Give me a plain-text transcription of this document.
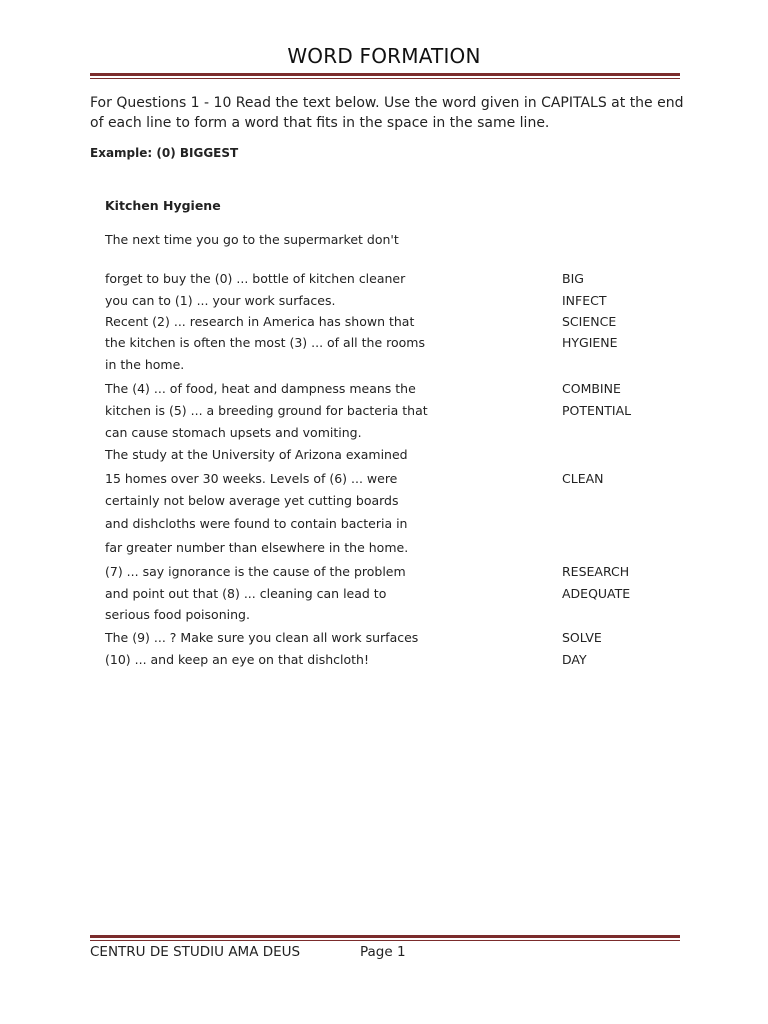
WORD FORMATION
For Questions 1 - 10 Read the text below. Use the word given in CAPITALS at the end of each line to form a word that fits in the space in the same line.
Example: (0) BIGGEST
Kitchen Hygiene
The next time you go to the supermarket don't
forget to buy the (0) ... bottle of kitchen cleaner	BIG
you can to (1) ... your work surfaces.	INFECT
Recent (2) ... research in America has shown that	SCIENCE
the kitchen is often the most (3) ... of all the rooms	HYGIENE
in the home.
The (4) ... of food, heat and dampness means the	COMBINE
kitchen is (5) ... a breeding ground for bacteria that	POTENTIAL
can cause stomach upsets and vomiting.
The study at the University of Arizona examined
15 homes over 30 weeks. Levels of (6) ... were	CLEAN
certainly not below average yet cutting boards
and dishcloths were found to contain bacteria in
far greater number than elsewhere in the home.
(7) ... say ignorance is the cause of the problem	RESEARCH
and point out that (8) ... cleaning can lead to	ADEQUATE
serious food poisoning.
The (9) ... ? Make sure you clean all work surfaces	SOLVE
(10) ... and keep an eye on that dishcloth!	DAY
CENTRU DE STUDIU AMA DEUS	Page 1
